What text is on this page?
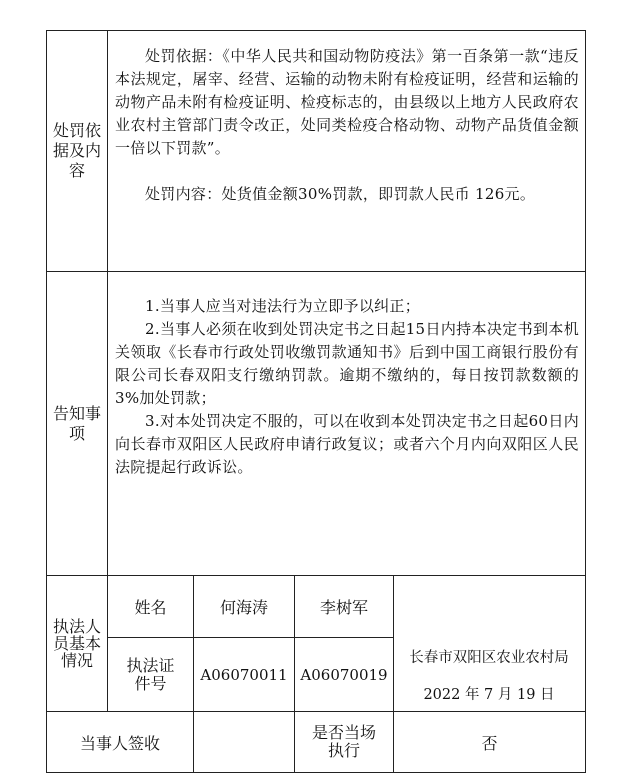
处罚依据及内容

处罚依据：《中华人民共和国动物防疫法》第一百条第一款“违反本法规定，屠宰、经营、运输的动物未附有检疫证明，经营和运输的动物产品未附有检疫证明、检疫标志的，由县级以上地方人民政府农业农村主管部门责令改正，处同类检疫合格动物、动物产品货值金额一倍以下罚款”。

处罚内容：处货值金额30%罚款，即罚款人民币 126元。

告知事项

1.当事人应当对违法行为立即予以纠正；

2.当事人必须在收到处罚决定书之日起15日内持本决定书到本机关领取《长春市行政处罚收缴罚款通知书》后到中国工商银行股份有限公司长春双阳支行缴纳罚款。逾期不缴纳的，每日按罚款数额的3%加处罚款；

3.对本处罚决定不服的，可以在收到本处罚决定书之日起60日内向长春市双阳区人民政府申请行政复议；或者六个月内向双阳区人民法院提起行政诉讼。

执法人员基本情况
姓名	何海涛	李树军
执法证件号	A06070011 A06070019
长春市双阳区农业农村局
2022 年 7 月 19 日
当事人签收
是否当场执行	否
